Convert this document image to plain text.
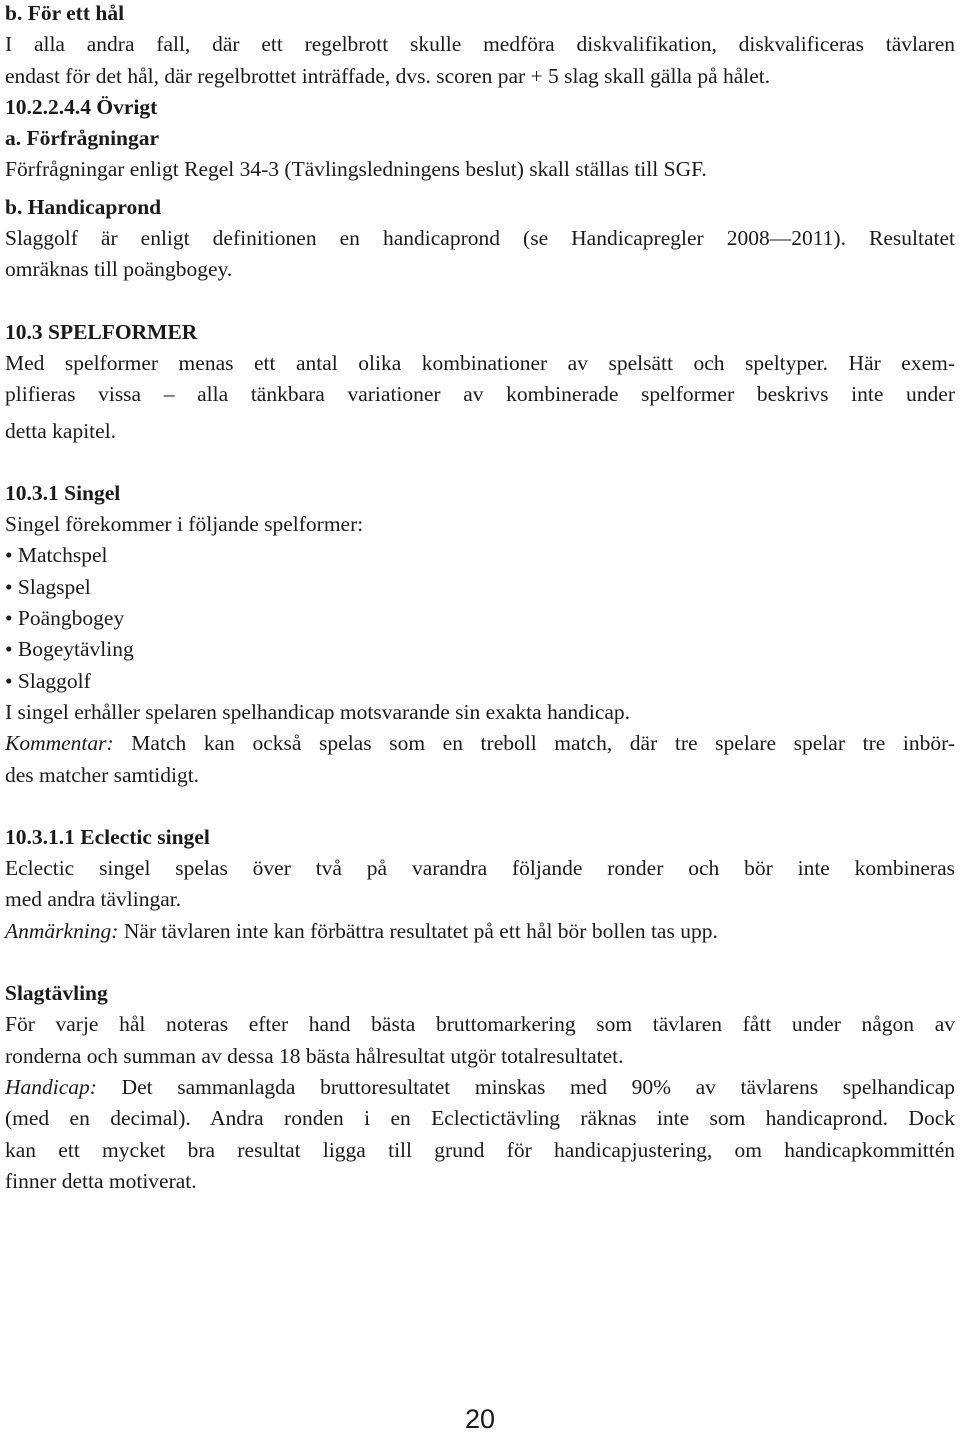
b. För ett hål
I alla andra fall, där ett regelbrott skulle medföra diskvalifikation, diskvalificeras tävlaren
endast för det hål, där regelbrottet inträffade, dvs. scoren par + 5 slag skall gälla på hålet.
10.2.2.4.4 Övrigt
a. Förfrågningar
Förfrågningar enligt Regel 34-3 (Tävlingsledningens beslut) skall ställas till SGF.
b. Handicaprond
Slaggolf är enligt definitionen en handicaprond (se Handicapregler 2008—2011). Resultatet
omräknas till poängbogey.
10.3 SPELFORMER
Med spelformer menas ett antal olika kombinationer av spelsätt och speltyper. Här exem-
plifieras vissa – alla tänkbara variationer av kombinerade spelformer beskrivs inte under
detta kapitel.
10.3.1 Singel
Singel förekommer i följande spelformer:
• Matchspel
• Slagspel
• Poängbogey
• Bogeytävling
• Slaggolf
I singel erhåller spelaren spelhandicap motsvarande sin exakta handicap.
Kommentar: Match kan också spelas som en treboll match, där tre spelare spelar tre inbör-
des matcher samtidigt.
10.3.1.1 Eclectic singel
Eclectic singel spelas över två på varandra följande ronder och bör inte kombineras
med andra tävlingar.
Anmärkning: När tävlaren inte kan förbättra resultatet på ett hål bör bollen tas upp.
Slagtävling
För varje hål noteras efter hand bästa bruttomarkering som tävlaren fått under någon av
ronderna och summan av dessa 18 bästa hålresultat utgör totalresultatet.
Handicap: Det sammanlagda bruttoresultatet minskas med 90% av tävlarens spelhandicap
(med en decimal). Andra ronden i en Eclectictävling räknas inte som handicaprond. Dock
kan ett mycket bra resultat ligga till grund för handicapjustering, om handicapkommittén
finner detta motiverat.
20
